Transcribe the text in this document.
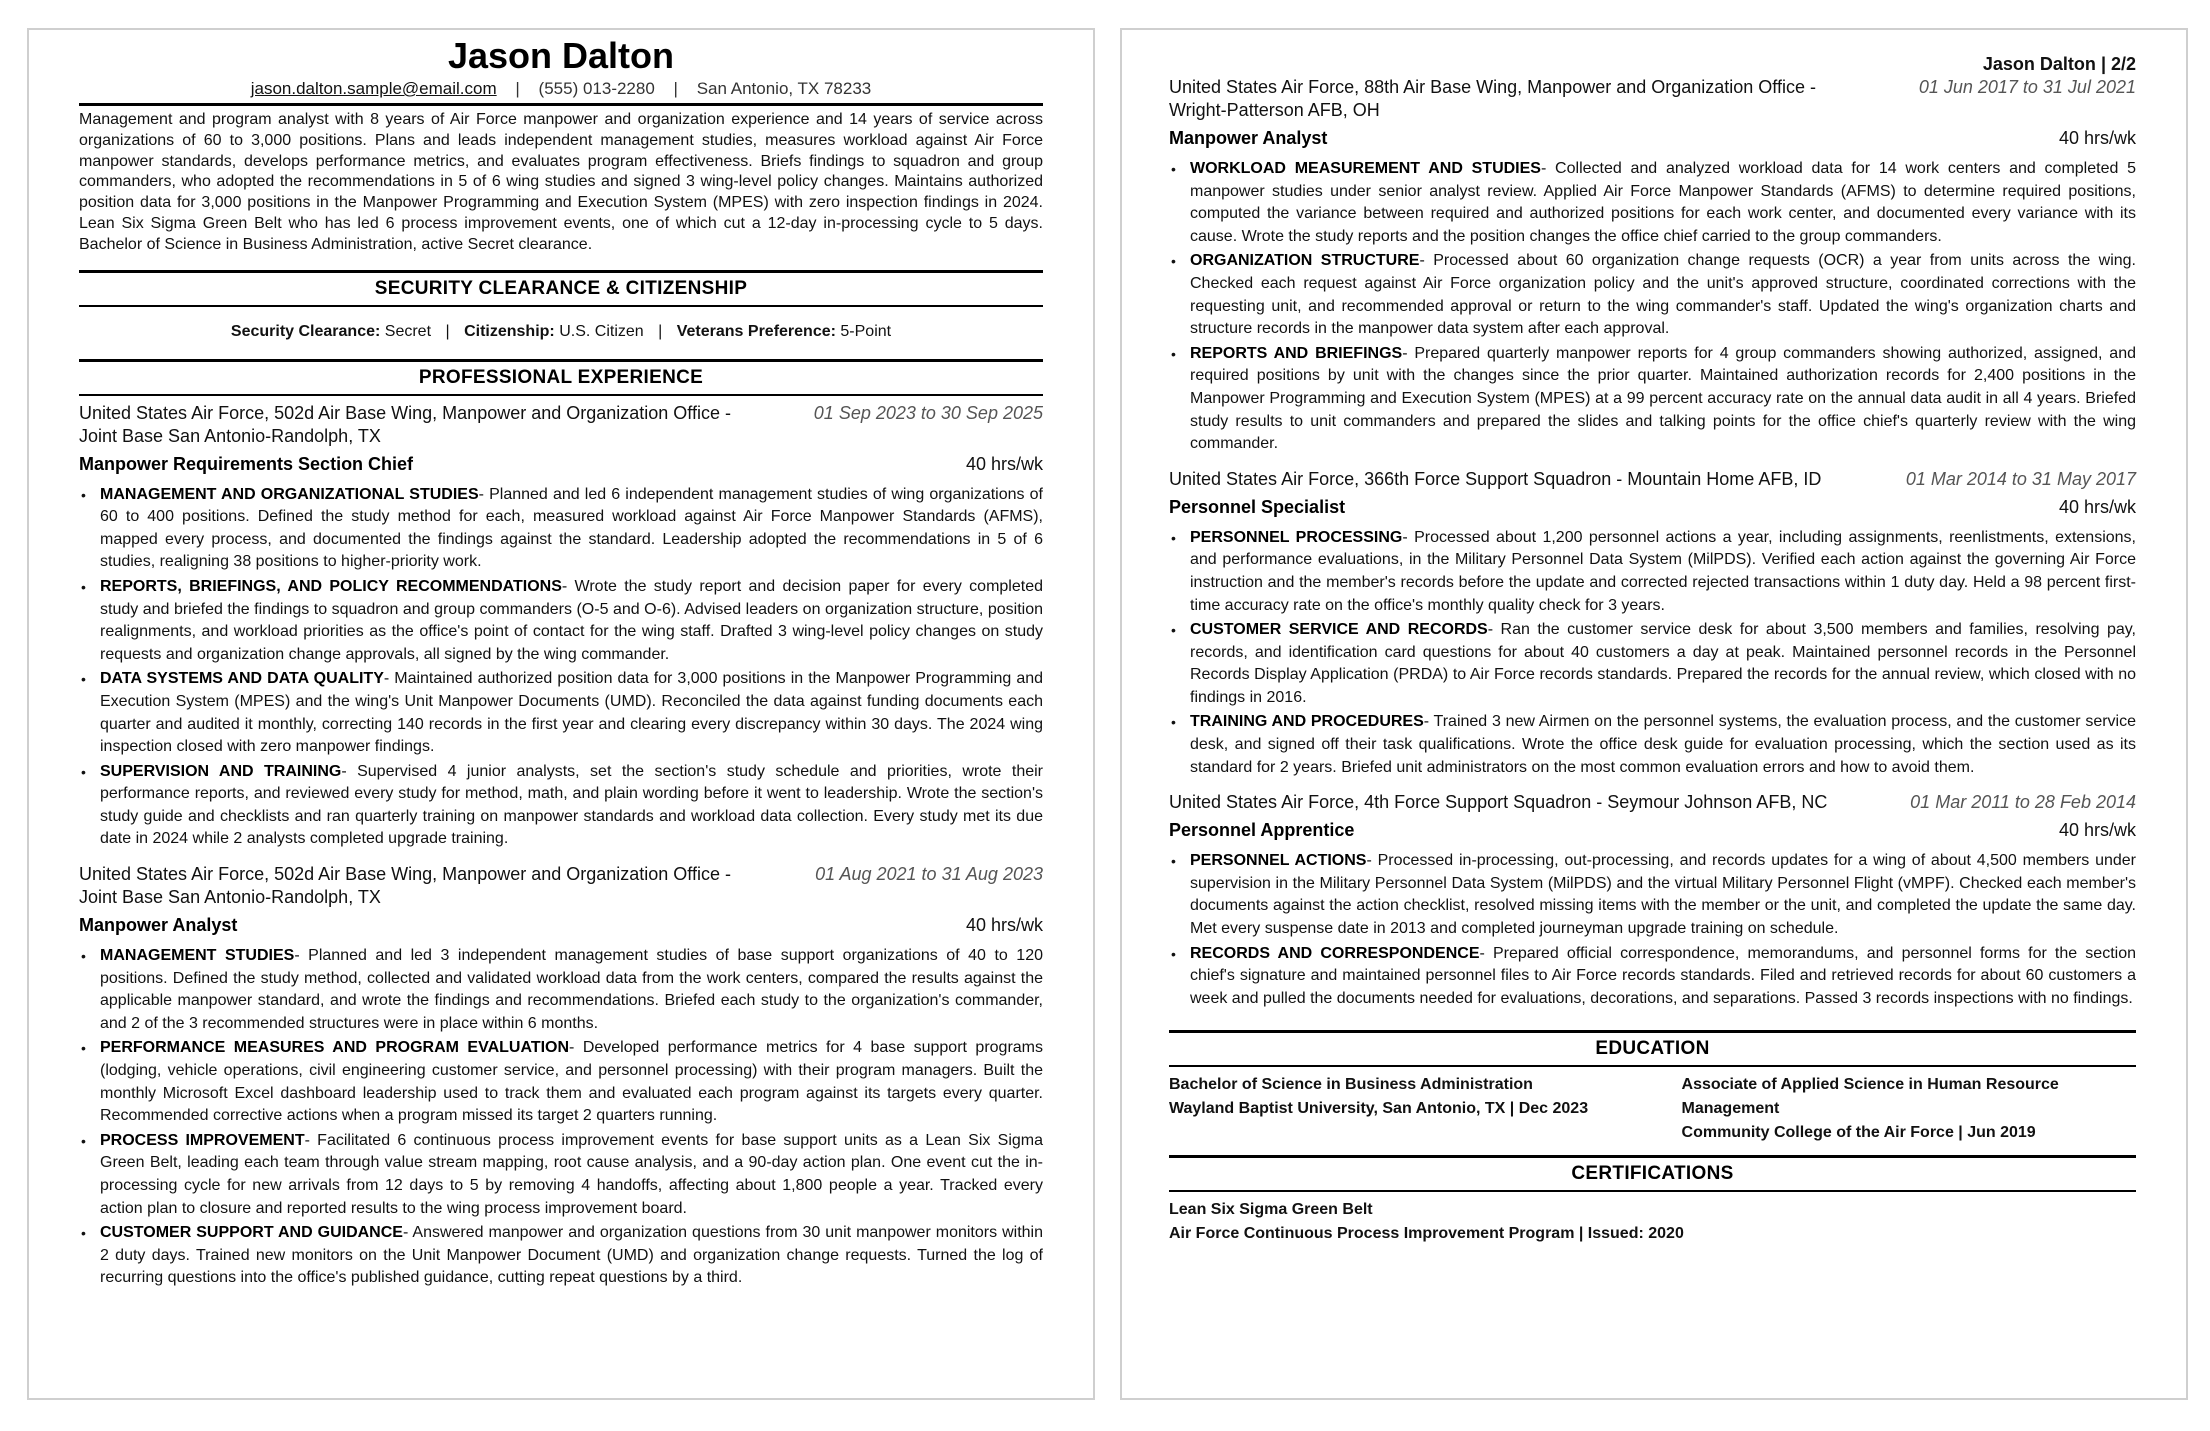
Jason Dalton
jason.dalton.sample@email.com | (555) 013-2280 | San Antonio, TX 78233
Management and program analyst with 8 years of Air Force manpower and organization experience and 14 years of service across organizations of 60 to 3,000 positions. Plans and leads independent management studies, measures workload against Air Force manpower standards, develops performance metrics, and evaluates program effectiveness. Briefs findings to squadron and group commanders, who adopted the recommendations in 5 of 6 wing studies and signed 3 wing-level policy changes. Maintains authorized position data for 3,000 positions in the Manpower Programming and Execution System (MPES) with zero inspection findings in 2024. Lean Six Sigma Green Belt who has led 6 process improvement events, one of which cut a 12-day in-processing cycle to 5 days. Bachelor of Science in Business Administration, active Secret clearance.
SECURITY CLEARANCE & CITIZENSHIP
Security Clearance: Secret | Citizenship: U.S. Citizen | Veterans Preference: 5-Point
PROFESSIONAL EXPERIENCE
United States Air Force, 502d Air Base Wing, Manpower and Organization Office -	01 Sep 2023 to 30 Sep 2025
Joint Base San Antonio-Randolph, TX
Manpower Requirements Section Chief	40 hrs/wk
• MANAGEMENT AND ORGANIZATIONAL STUDIES- Planned and led 6 independent management studies of wing organizations of 60 to 400 positions. Defined the study method for each, measured workload against Air Force Manpower Standards (AFMS), mapped every process, and documented the findings against the standard. Leadership adopted the recommendations in 5 of 6 studies, realigning 38 positions to higher-priority work.
• REPORTS, BRIEFINGS, AND POLICY RECOMMENDATIONS- Wrote the study report and decision paper for every completed study and briefed the findings to squadron and group commanders (O-5 and O-6). Advised leaders on organization structure, position realignments, and workload priorities as the office's point of contact for the wing staff. Drafted 3 wing-level policy changes on study requests and organization change approvals, all signed by the wing commander.
• DATA SYSTEMS AND DATA QUALITY- Maintained authorized position data for 3,000 positions in the Manpower Programming and Execution System (MPES) and the wing's Unit Manpower Documents (UMD). Reconciled the data against funding documents each quarter and audited it monthly, correcting 140 records in the first year and clearing every discrepancy within 30 days. The 2024 wing inspection closed with zero manpower findings.
• SUPERVISION AND TRAINING- Supervised 4 junior analysts, set the section's study schedule and priorities, wrote their performance reports, and reviewed every study for method, math, and plain wording before it went to leadership. Wrote the section's study guide and checklists and ran quarterly training on manpower standards and workload data collection. Every study met its due date in 2024 while 2 analysts completed upgrade training.
United States Air Force, 502d Air Base Wing, Manpower and Organization Office -	01 Aug 2021 to 31 Aug 2023
Joint Base San Antonio-Randolph, TX
Manpower Analyst	40 hrs/wk
• MANAGEMENT STUDIES- Planned and led 3 independent management studies of base support organizations of 40 to 120 positions. Defined the study method, collected and validated workload data from the work centers, compared the results against the applicable manpower standard, and wrote the findings and recommendations. Briefed each study to the organization's commander, and 2 of the 3 recommended structures were in place within 6 months.
• PERFORMANCE MEASURES AND PROGRAM EVALUATION- Developed performance metrics for 4 base support programs (lodging, vehicle operations, civil engineering customer service, and personnel processing) with their program managers. Built the monthly Microsoft Excel dashboard leadership used to track them and evaluated each program against its targets every quarter. Recommended corrective actions when a program missed its target 2 quarters running.
• PROCESS IMPROVEMENT- Facilitated 6 continuous process improvement events for base support units as a Lean Six Sigma Green Belt, leading each team through value stream mapping, root cause analysis, and a 90-day action plan. One event cut the in-processing cycle for new arrivals from 12 days to 5 by removing 4 handoffs, affecting about 1,800 people a year. Tracked every action plan to closure and reported results to the wing process improvement board.
• CUSTOMER SUPPORT AND GUIDANCE- Answered manpower and organization questions from 30 unit manpower monitors within 2 duty days. Trained new monitors on the Unit Manpower Document (UMD) and organization change requests. Turned the log of recurring questions into the office's published guidance, cutting repeat questions by a third.
Jason Dalton | 2/2
United States Air Force, 88th Air Base Wing, Manpower and Organization Office -	01 Jun 2017 to 31 Jul 2021
Wright-Patterson AFB, OH
Manpower Analyst	40 hrs/wk
• WORKLOAD MEASUREMENT AND STUDIES- Collected and analyzed workload data for 14 work centers and completed 5 manpower studies under senior analyst review. Applied Air Force Manpower Standards (AFMS) to determine required positions, computed the variance between required and authorized positions for each work center, and documented every variance with its cause. Wrote the study reports and the position changes the office chief carried to the group commanders.
• ORGANIZATION STRUCTURE- Processed about 60 organization change requests (OCR) a year from units across the wing. Checked each request against Air Force organization policy and the unit's approved structure, coordinated corrections with the requesting unit, and recommended approval or return to the wing commander's staff. Updated the wing's organization charts and structure records in the manpower data system after each approval.
• REPORTS AND BRIEFINGS- Prepared quarterly manpower reports for 4 group commanders showing authorized, assigned, and required positions by unit with the changes since the prior quarter. Maintained authorization records for 2,400 positions in the Manpower Programming and Execution System (MPES) at a 99 percent accuracy rate on the annual data audit in all 4 years. Briefed study results to unit commanders and prepared the slides and talking points for the office chief's quarterly review with the wing commander.
United States Air Force, 366th Force Support Squadron - Mountain Home AFB, ID	01 Mar 2014 to 31 May 2017
Personnel Specialist	40 hrs/wk
• PERSONNEL PROCESSING- Processed about 1,200 personnel actions a year, including assignments, reenlistments, extensions, and performance evaluations, in the Military Personnel Data System (MilPDS). Verified each action against the governing Air Force instruction and the member's records before the update and corrected rejected transactions within 1 duty day. Held a 98 percent first-time accuracy rate on the office's monthly quality check for 3 years.
• CUSTOMER SERVICE AND RECORDS- Ran the customer service desk for about 3,500 members and families, resolving pay, records, and identification card questions for about 40 customers a day at peak. Maintained personnel records in the Personnel Records Display Application (PRDA) to Air Force records standards. Prepared the records for the annual review, which closed with no findings in 2016.
• TRAINING AND PROCEDURES- Trained 3 new Airmen on the personnel systems, the evaluation process, and the customer service desk, and signed off their task qualifications. Wrote the office desk guide for evaluation processing, which the section used as its standard for 2 years. Briefed unit administrators on the most common evaluation errors and how to avoid them.
United States Air Force, 4th Force Support Squadron - Seymour Johnson AFB, NC	01 Mar 2011 to 28 Feb 2014
Personnel Apprentice	40 hrs/wk
• PERSONNEL ACTIONS- Processed in-processing, out-processing, and records updates for a wing of about 4,500 members under supervision in the Military Personnel Data System (MilPDS) and the virtual Military Personnel Flight (vMPF). Checked each member's documents against the action checklist, resolved missing items with the member or the unit, and completed the update the same day. Met every suspense date in 2013 and completed journeyman upgrade training on schedule.
• RECORDS AND CORRESPONDENCE- Prepared official correspondence, memorandums, and personnel forms for the section chief's signature and maintained personnel files to Air Force records standards. Filed and retrieved records for about 60 customers a week and pulled the documents needed for evaluations, decorations, and separations. Passed 3 records inspections with no findings.
EDUCATION
Bachelor of Science in Business Administration
Wayland Baptist University, San Antonio, TX | Dec 2023
Associate of Applied Science in Human Resource Management
Community College of the Air Force | Jun 2019
CERTIFICATIONS
Lean Six Sigma Green Belt
Air Force Continuous Process Improvement Program | Issued: 2020
